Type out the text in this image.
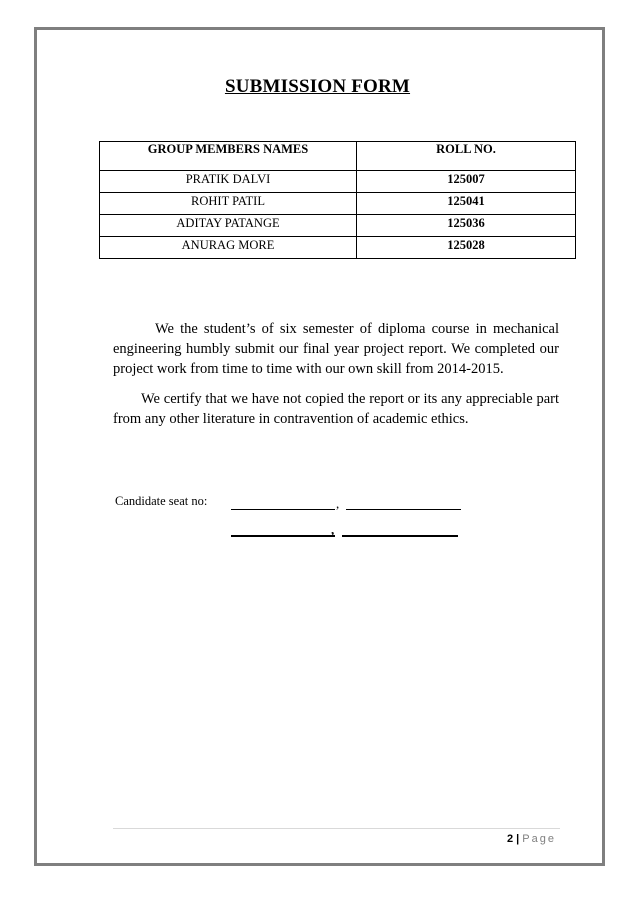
SUBMISSION FORM
GROUP MEMBERS NAMES	ROLL NO.
PRATIK DALVI	125007
ROHIT PATIL	125041
ADITAY PATANGE	125036
ANURAG MORE	125028
We the student’s of six semester of diploma course in mechanical engineering humbly submit our final year project report. We completed our project work from time to time with our own skill from 2014-2015.
We certify that we have not copied the report or its any appreciable part from any other literature in contravention of academic ethics.
Candidate seat no:	,
,
2 | Page
